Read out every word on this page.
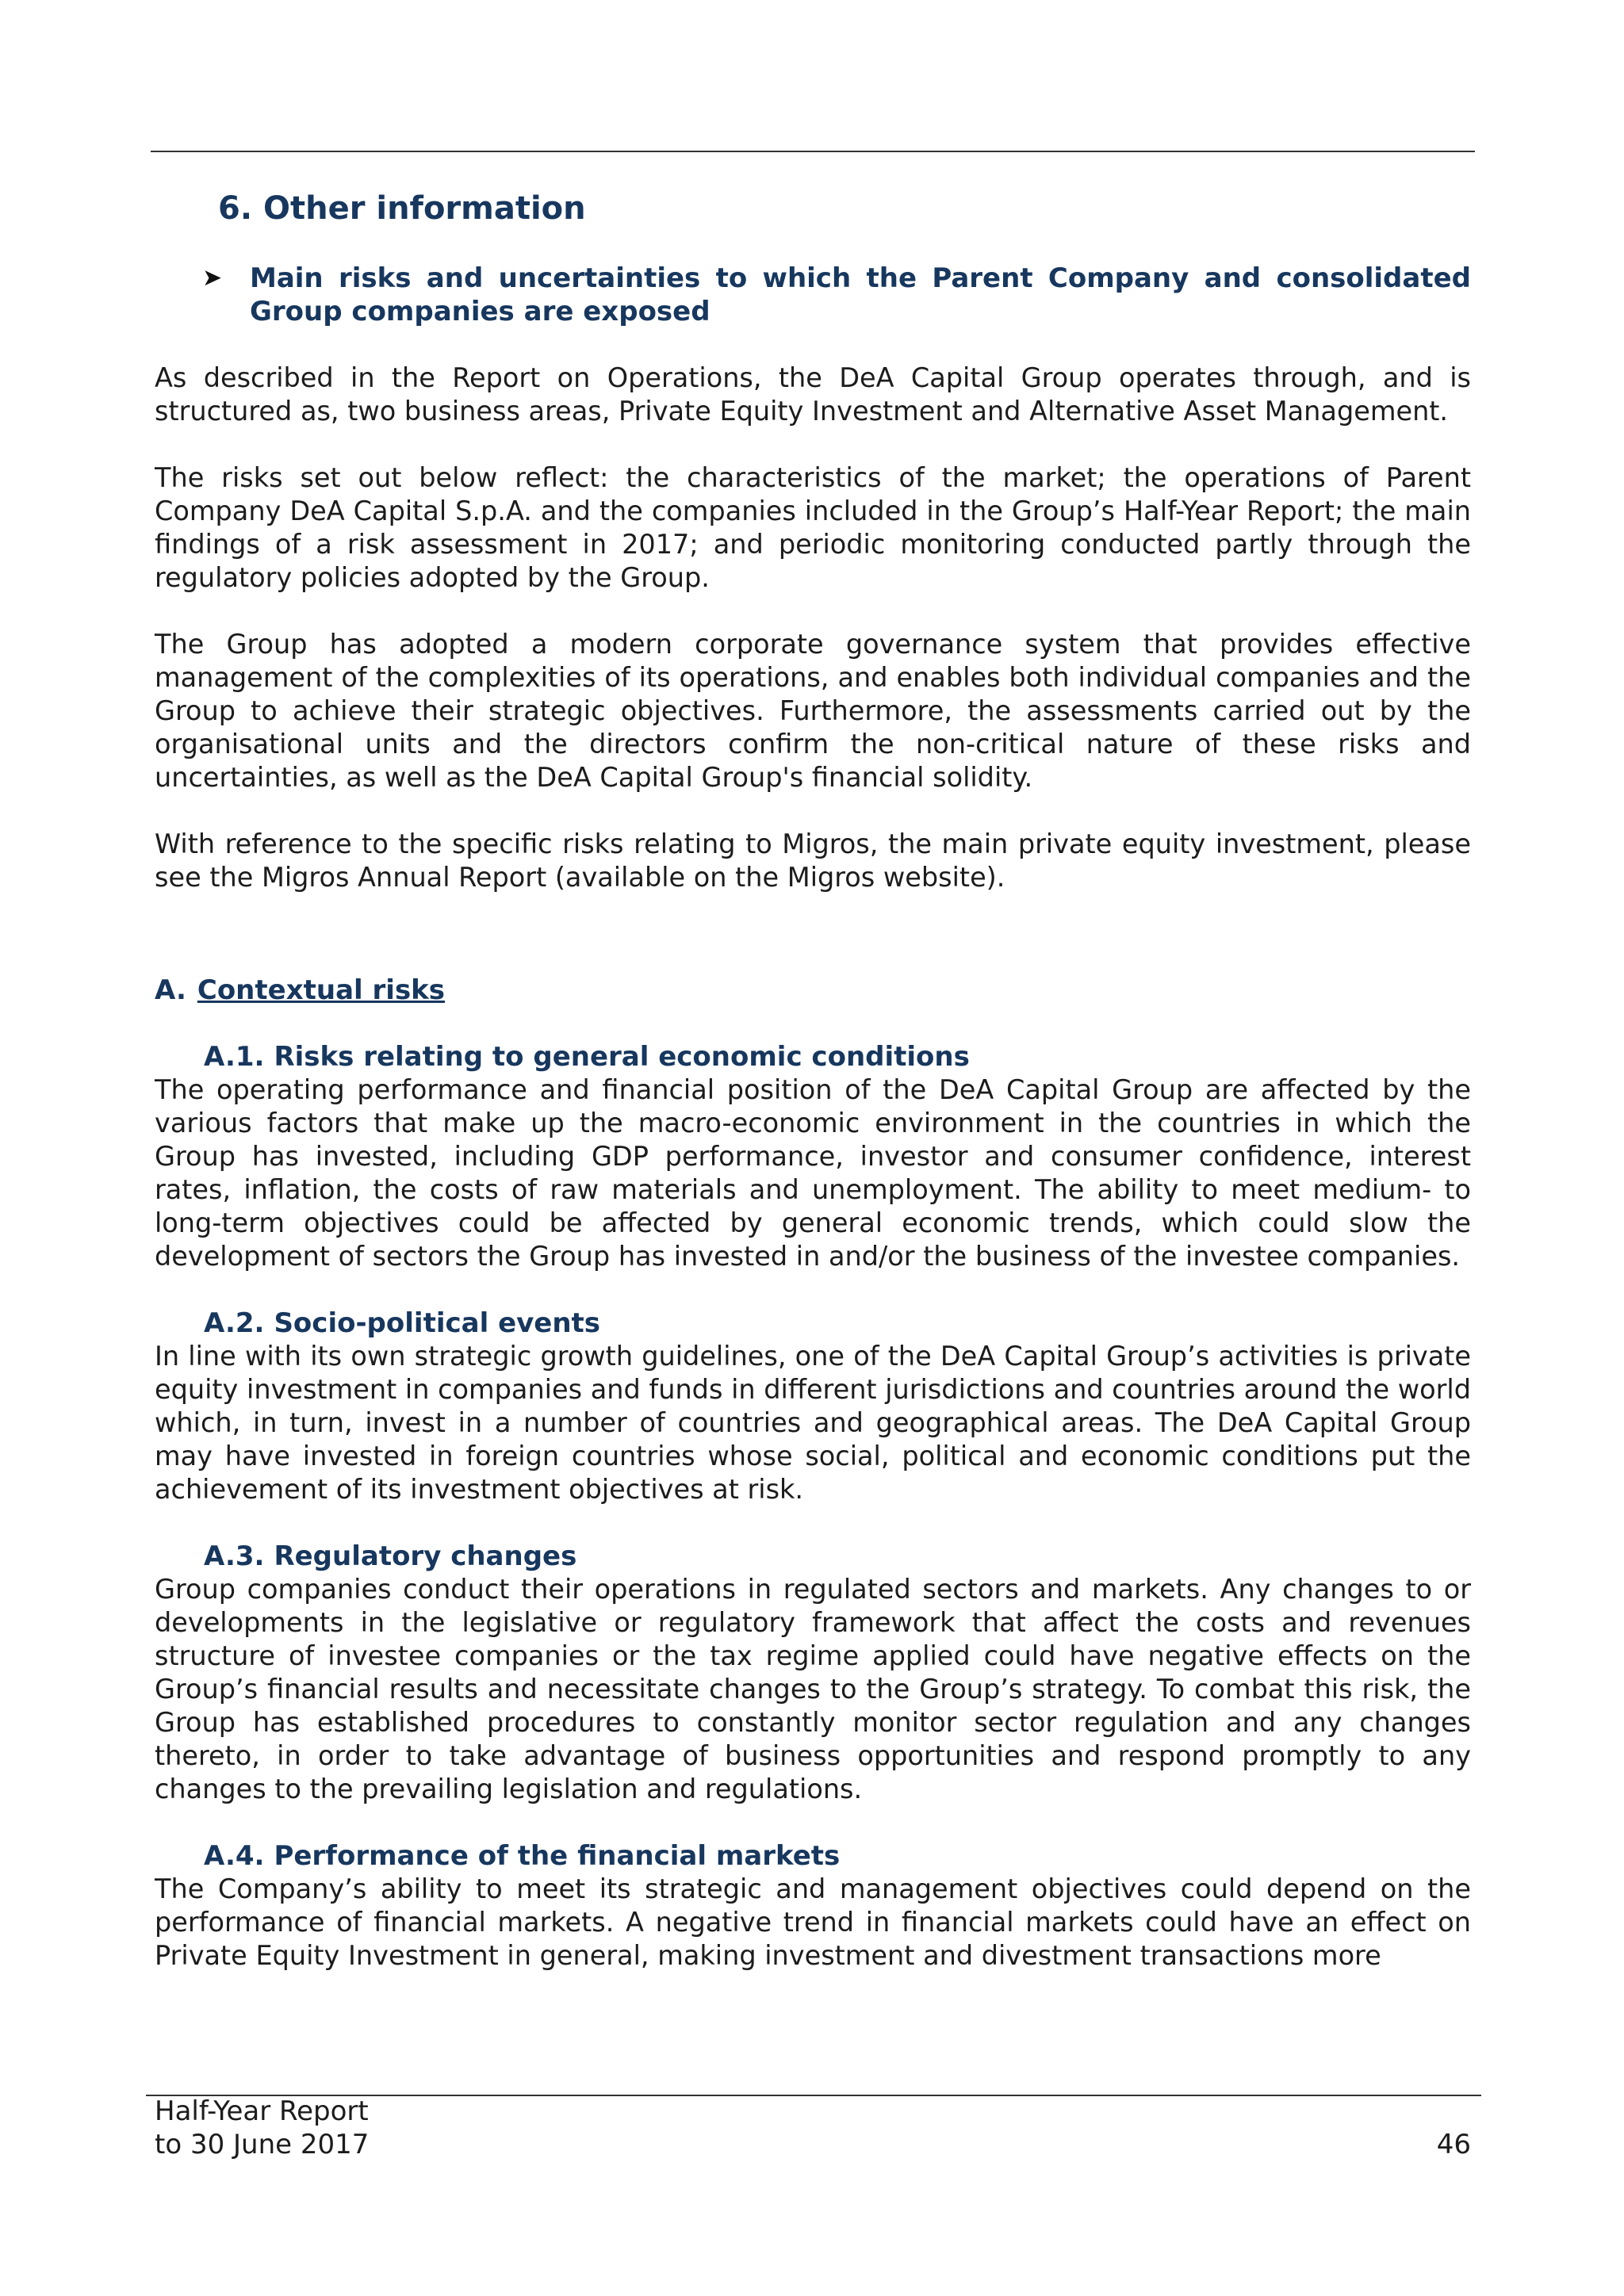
6. Other information
➤	Main risks and uncertainties to which the Parent Company and consolidated Group companies are exposed

As described in the Report on Operations, the DeA Capital Group operates through, and is structured as, two business areas, Private Equity Investment and Alternative Asset Management.

The risks set out below reflect: the characteristics of the market; the operations of Parent Company DeA Capital S.p.A. and the companies included in the Group’s Half-Year Report; the main findings of a risk assessment in 2017; and periodic monitoring conducted partly through the regulatory policies adopted by the Group.

The Group has adopted a modern corporate governance system that provides effective management of the complexities of its operations, and enables both individual companies and the Group to achieve their strategic objectives. Furthermore, the assessments carried out by the organisational units and the directors confirm the non-critical nature of these risks and uncertainties, as well as the DeA Capital Group's financial solidity.

With reference to the specific risks relating to Migros, the main private equity investment, please see the Migros Annual Report (available on the Migros website).

A. Contextual risks
A.1. Risks relating to general economic conditions

The operating performance and financial position of the DeA Capital Group are affected by the various factors that make up the macro-economic environment in the countries in which the Group has invested, including GDP performance, investor and consumer confidence, interest rates, inflation, the costs of raw materials and unemployment. The ability to meet medium- to long-term objectives could be affected by general economic trends, which could slow the development of sectors the Group has invested in and/or the business of the investee companies.

A.2. Socio-political events

In line with its own strategic growth guidelines, one of the DeA Capital Group’s activities is private equity investment in companies and funds in different jurisdictions and countries around the world which, in turn, invest in a number of countries and geographical areas. The DeA Capital Group may have invested in foreign countries whose social, political and economic conditions put the achievement of its investment objectives at risk.

A.3. Regulatory changes

Group companies conduct their operations in regulated sectors and markets. Any changes to or developments in the legislative or regulatory framework that affect the costs and revenues structure of investee companies or the tax regime applied could have negative effects on the Group’s financial results and necessitate changes to the Group’s strategy. To combat this risk, the Group has established procedures to constantly monitor sector regulation and any changes thereto, in order to take advantage of business opportunities and respond promptly to any changes to the prevailing legislation and regulations.

A.4. Performance of the financial markets

The Company’s ability to meet its strategic and management objectives could depend on the performance of financial markets. A negative trend in financial markets could have an effect on Private Equity Investment in general, making investment and divestment transactions more

Half-Year Report
to 30 June 2017	46
